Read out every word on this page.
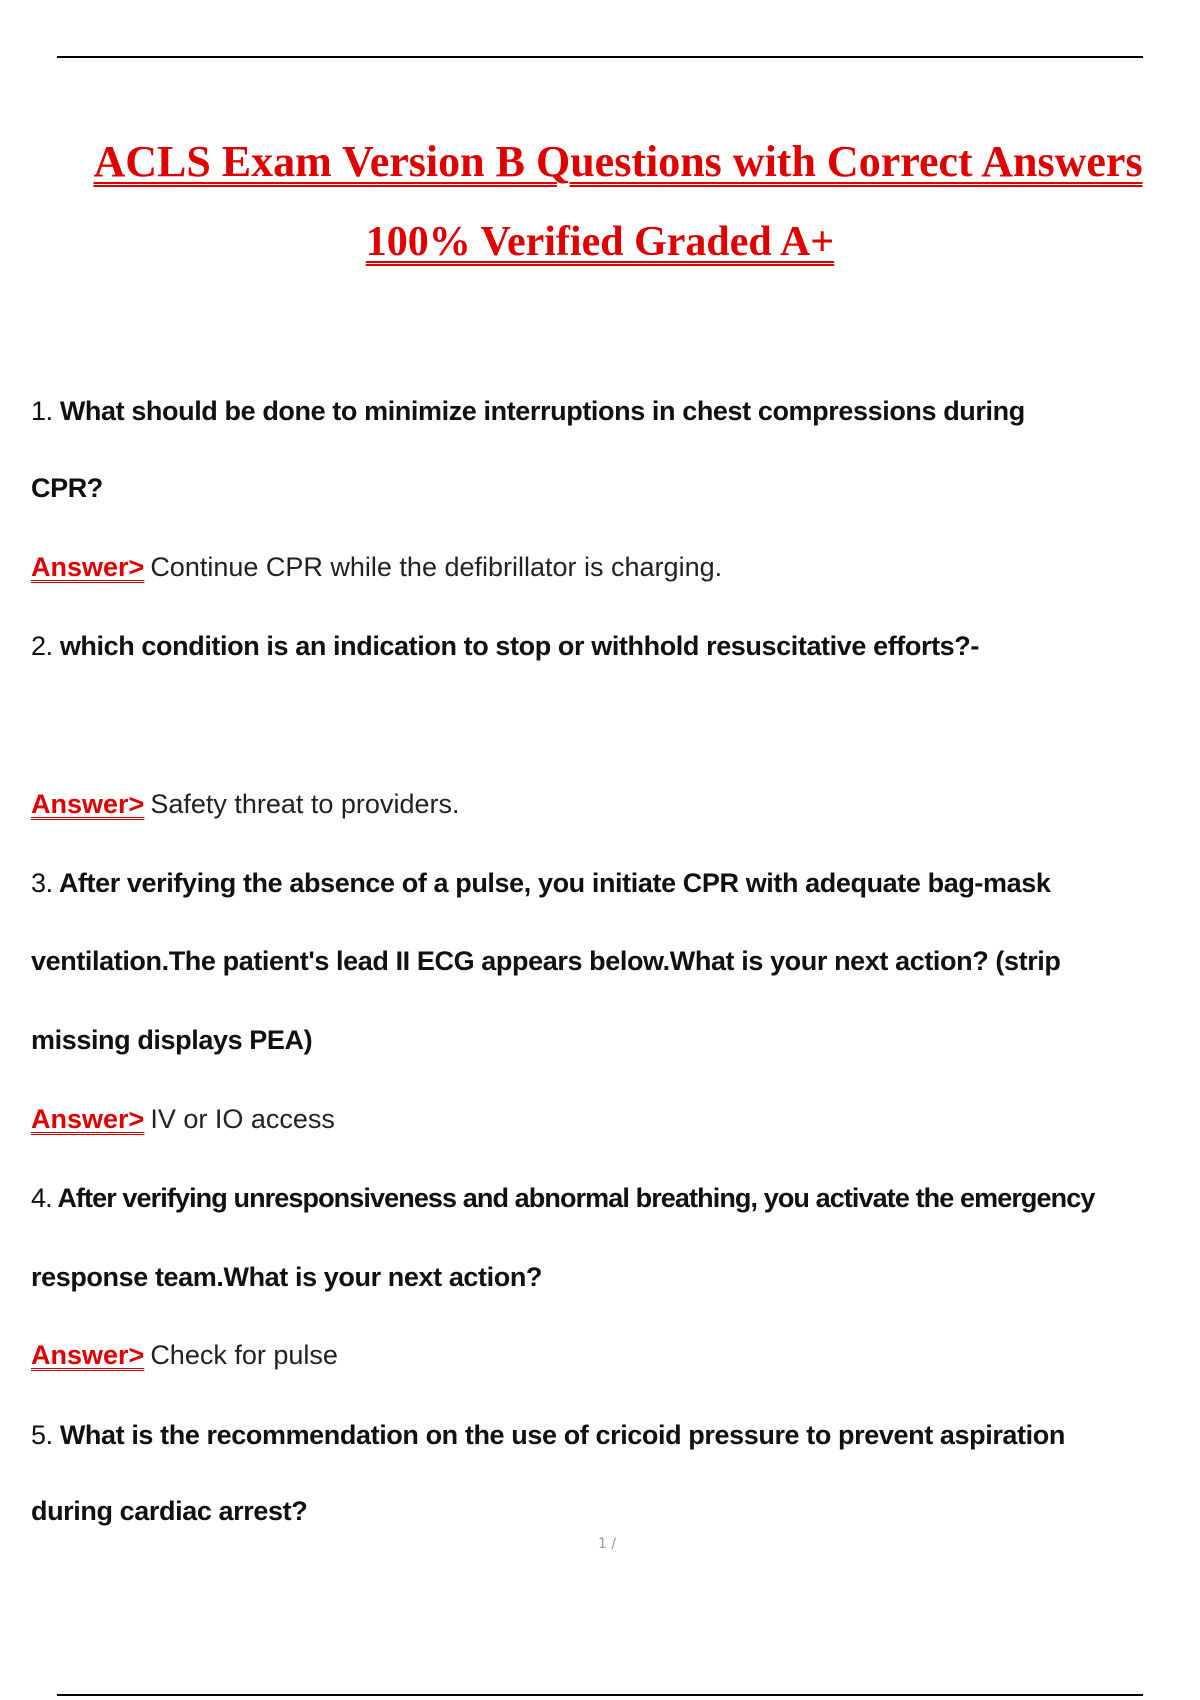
ACLS Exam Version B Questions with Correct Answers
100% Verified Graded A+
1. What should be done to minimize interruptions in chest compressions during
CPR?
Answer> Continue CPR while the defibrillator is charging.
2. which condition is an indication to stop or withhold resuscitative efforts?-
Answer> Safety threat to providers.
3. After verifying the absence of a pulse, you initiate CPR with adequate bag-mask
ventilation.The patient's lead II ECG appears below.What is your next action? (strip
missing displays PEA)
Answer> IV or IO access
4. After verifying unresponsiveness and abnormal breathing, you activate the emergency
response team.What is your next action?
Answer> Check for pulse
5. What is the recommendation on the use of cricoid pressure to prevent aspiration
during cardiac arrest?
1 /
